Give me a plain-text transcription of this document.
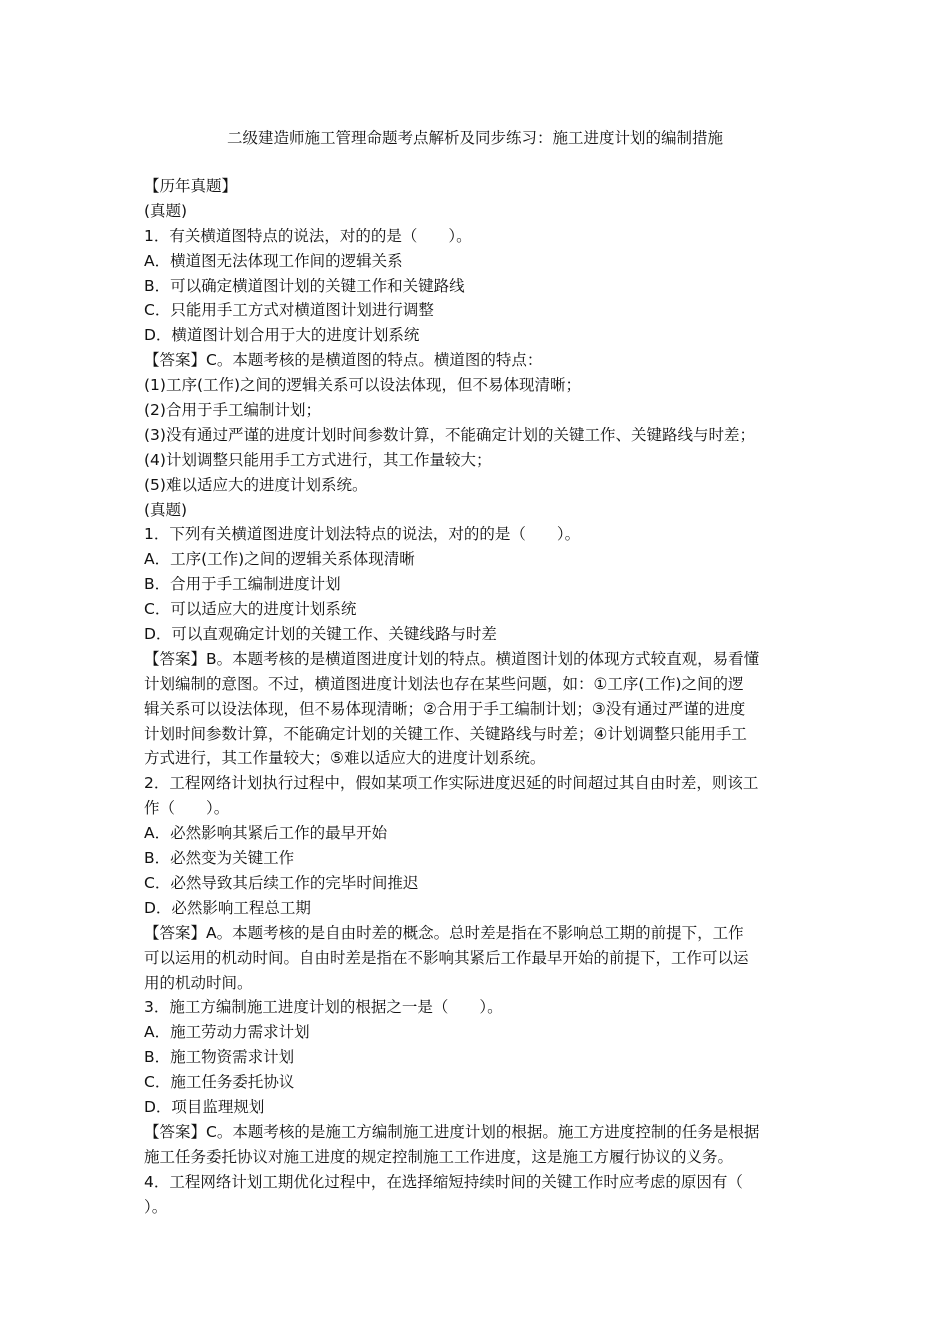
二级建造师施工管理命题考点解析及同步练习：施工进度计划的编制措施
【历年真题】
(真题)
1．有关横道图特点的说法，对的的是（　　）。
A．横道图无法体现工作间的逻辑关系
B．可以确定横道图计划的关键工作和关键路线
C．只能用手工方式对横道图计划进行调整
D．横道图计划合用于大的进度计划系统
【答案】C。本题考核的是横道图的特点。横道图的特点：
(1)工序(工作)之间的逻辑关系可以设法体现，但不易体现清晰；
(2)合用于手工编制计划；
(3)没有通过严谨的进度计划时间参数计算，不能确定计划的关键工作、关键路线与时差；
(4)计划调整只能用手工方式进行，其工作量较大；
(5)难以适应大的进度计划系统。
(真题)
1．下列有关横道图进度计划法特点的说法，对的的是（　　）。
A．工序(工作)之间的逻辑关系体现清晰
B．合用于手工编制进度计划
C．可以适应大的进度计划系统
D．可以直观确定计划的关键工作、关键线路与时差
【答案】B。本题考核的是横道图进度计划的特点。横道图计划的体现方式较直观，易看懂
计划编制的意图。不过，横道图进度计划法也存在某些问题，如：①工序(工作)之间的逻
辑关系可以设法体现，但不易体现清晰；②合用于手工编制计划；③没有通过严谨的进度
计划时间参数计算，不能确定计划的关键工作、关键路线与时差；④计划调整只能用手工
方式进行，其工作量较大；⑤难以适应大的进度计划系统。
2．工程网络计划执行过程中，假如某项工作实际进度迟延的时间超过其自由时差，则该工
作（　　）。
A．必然影响其紧后工作的最早开始
B．必然变为关键工作
C．必然导致其后续工作的完毕时间推迟
D．必然影响工程总工期
【答案】A。本题考核的是自由时差的概念。总时差是指在不影响总工期的前提下，工作
可以运用的机动时间。自由时差是指在不影响其紧后工作最早开始的前提下，工作可以运
用的机动时间。
3．施工方编制施工进度计划的根据之一是（　　）。
A．施工劳动力需求计划
B．施工物资需求计划
C．施工任务委托协议
D．项目监理规划
【答案】C。本题考核的是施工方编制施工进度计划的根据。施工方进度控制的任务是根据
施工任务委托协议对施工进度的规定控制施工工作进度，这是施工方履行协议的义务。
4．工程网络计划工期优化过程中，在选择缩短持续时间的关键工作时应考虑的原因有（
）。
